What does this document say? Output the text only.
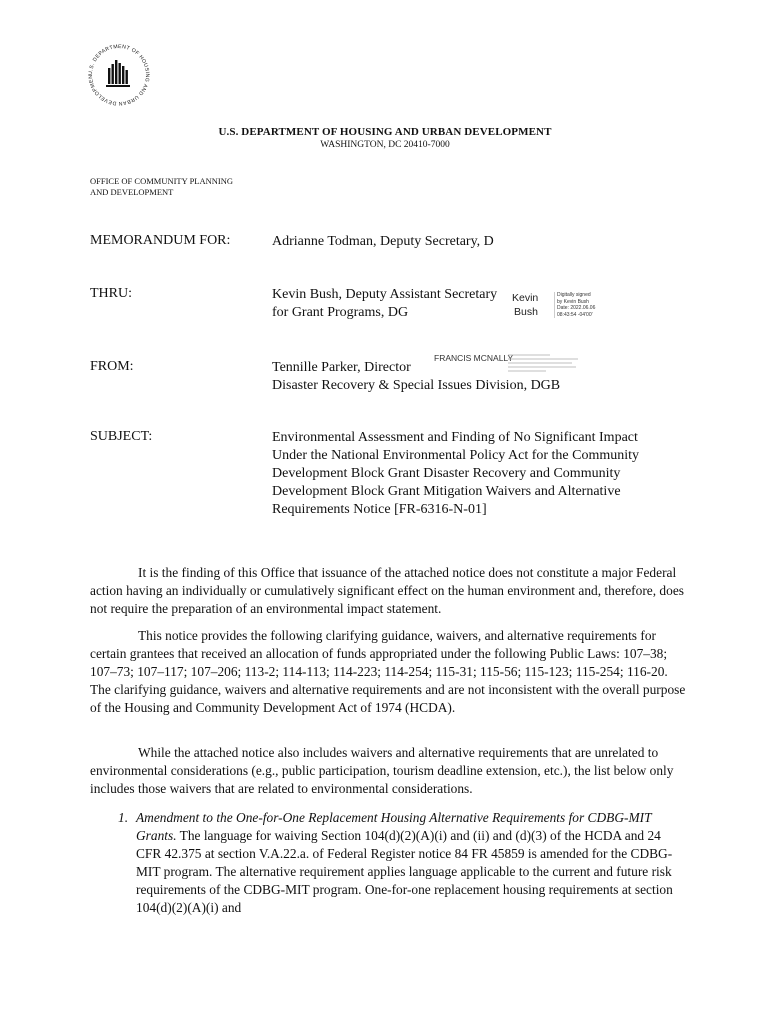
U.S. DEPARTMENT OF HOUSING AND URBAN DEVELOPMEN
U.S. DEPARTMENT OF HOUSING AND URBAN DEVELOPMENT
WASHINGTON, DC 20410-7000
OFFICE OF COMMUNITY PLANNING
AND DEVELOPMENT
MEMORANDUM FOR:	Adrianne Todman, Deputy Secretary, D
THRU:	Kevin Bush, Deputy Assistant Secretary
for Grant Programs, DG
Kevin
Bush
Digitally signed
by Kevin Bush
Date: 2022.06.06
08:43:54 -04'00'
FROM:	Tennille Parker, Director
Disaster Recovery & Special Issues Division, DGB
FRANCIS MCNALLY
SUBJECT:	Environmental Assessment and Finding of No Significant Impact
Under the National Environmental Policy Act for the Community
Development Block Grant Disaster Recovery and Community
Development Block Grant Mitigation Waivers and Alternative
Requirements Notice [FR-6316-N-01]

It is the finding of this Office that issuance of the attached notice does not constitute a major Federal action having an individually or cumulatively significant effect on the human environment and, therefore, does not require the preparation of an environmental impact statement.

This notice provides the following clarifying guidance, waivers, and alternative requirements for certain grantees that received an allocation of funds appropriated under the following Public Laws: 107–38; 107–73; 107–117; 107–206; 113-2; 114-113; 114-223; 114-254; 115-31; 115-56; 115-123; 115-254; 116-20. The clarifying guidance, waivers and alternative requirements and are not inconsistent with the overall purpose of the Housing and Community Development Act of 1974 (HCDA).

While the attached notice also includes waivers and alternative requirements that are unrelated to environmental considerations (e.g., public participation, tourism deadline extension, etc.), the list below only includes those waivers that are related to environmental considerations.

1. Amendment to the One-for-One Replacement Housing Alternative Requirements for CDBG-MIT Grants. The language for waiving Section 104(d)(2)(A)(i) and (ii) and (d)(3) of the HCDA and 24 CFR 42.375 at section V.A.22.a. of Federal Register notice 84 FR 45859 is amended for the CDBG-MIT program. The alternative requirement applies language applicable to the current and future risk requirements of the CDBG-MIT program. One-for-one replacement housing requirements at section 104(d)(2)(A)(i) and
